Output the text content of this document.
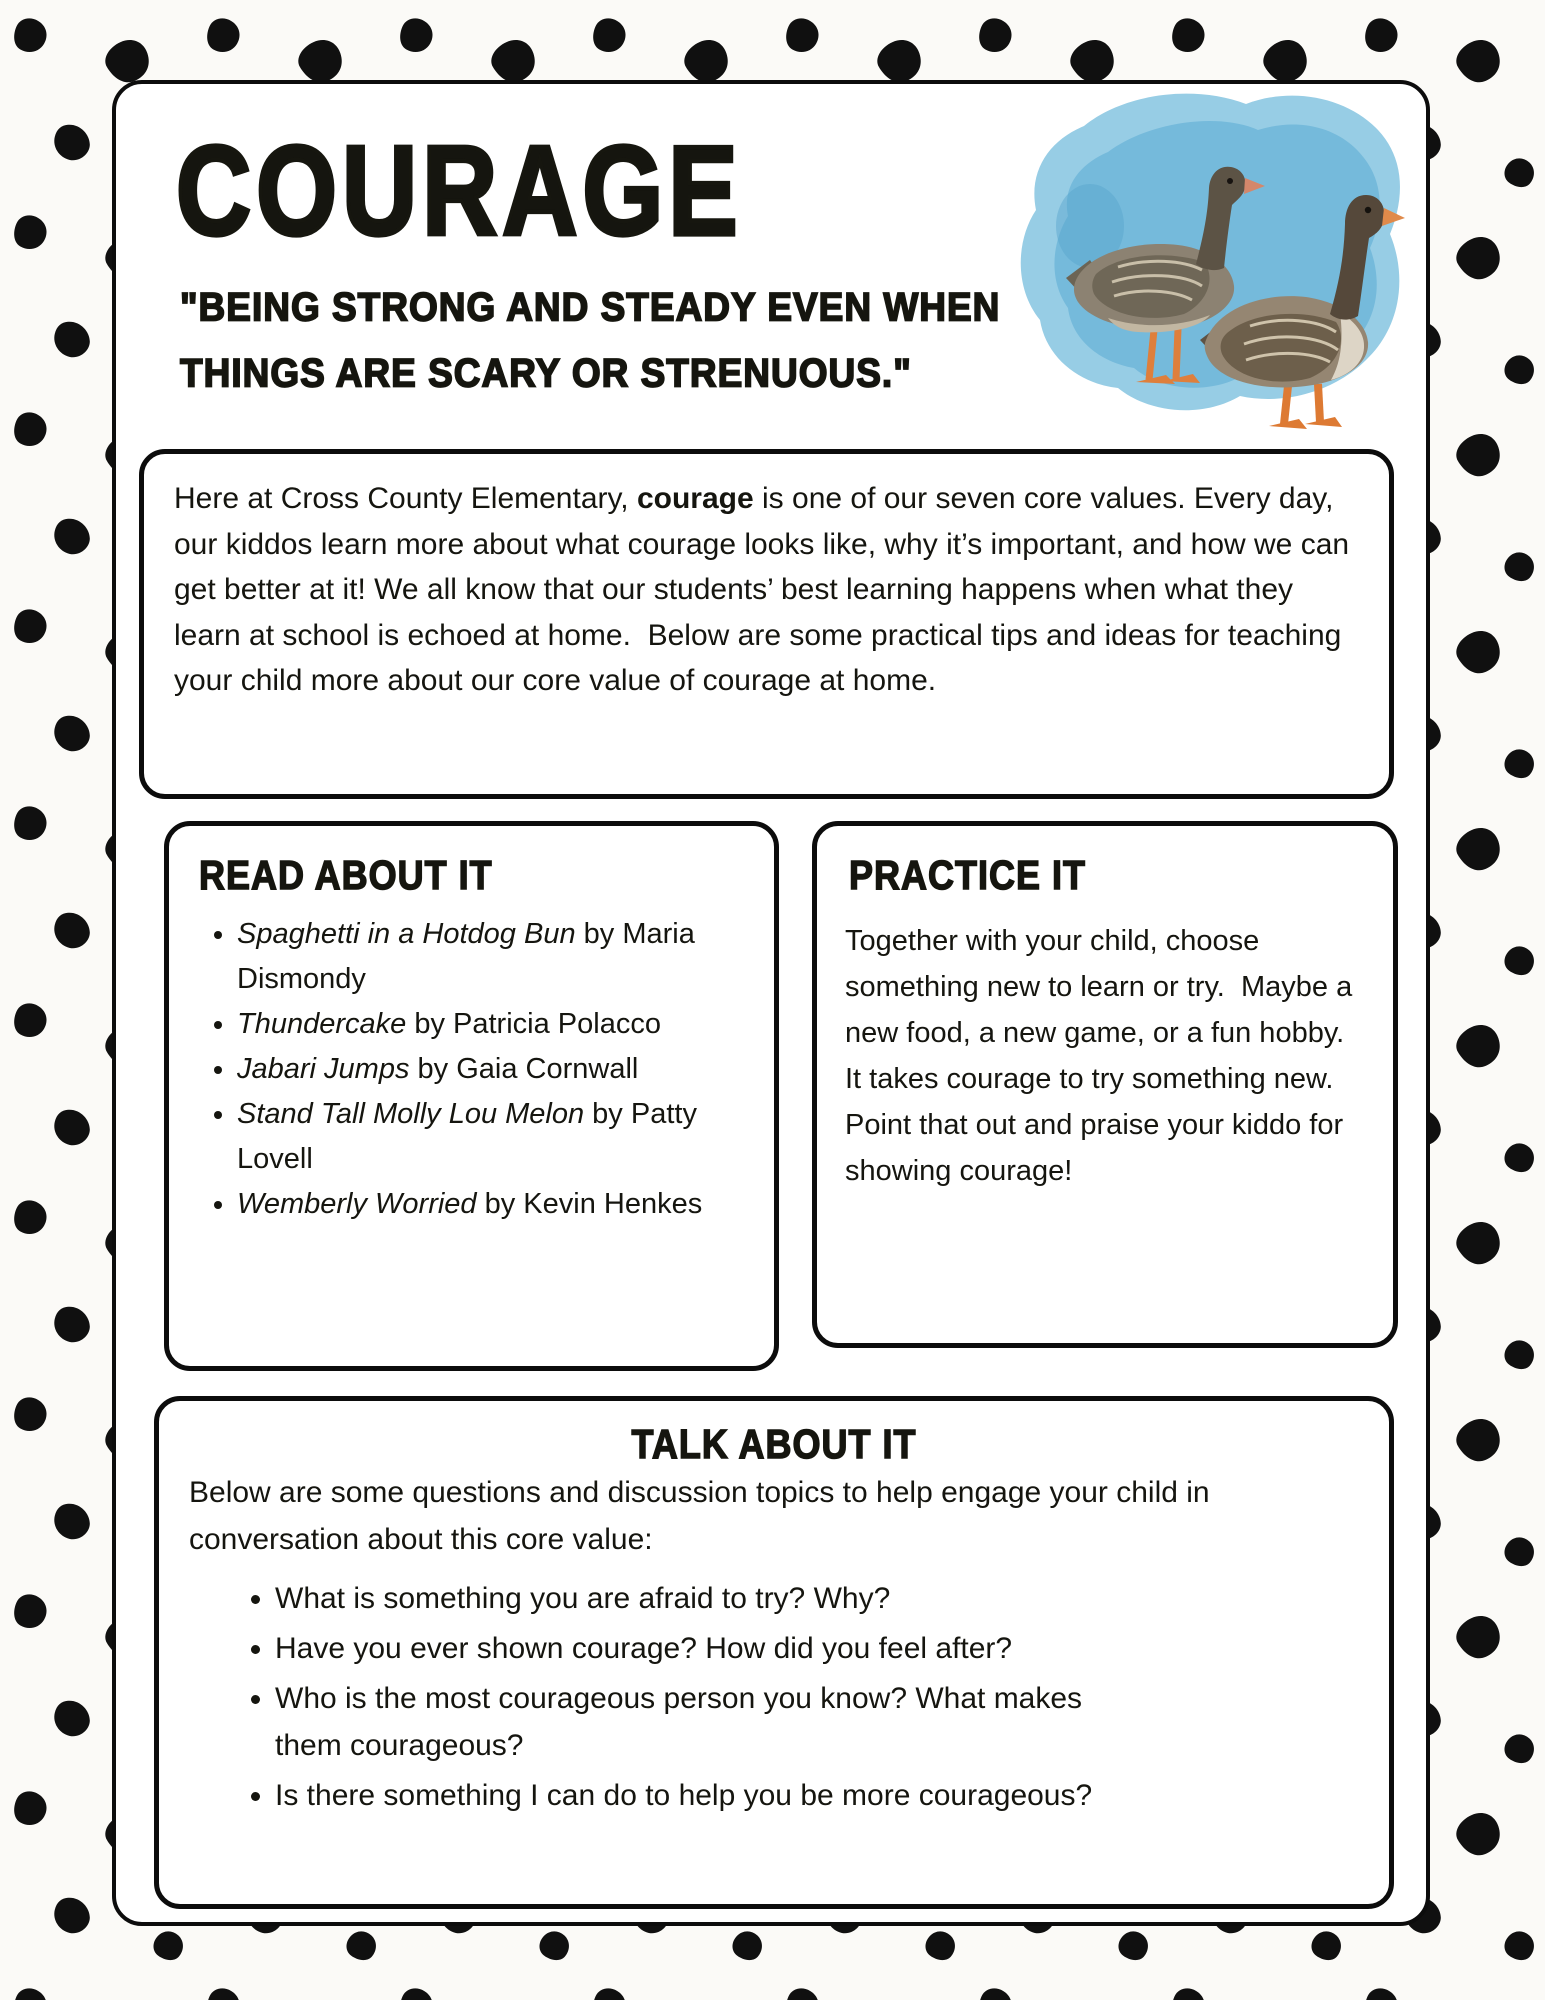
COURAGE
"BEING STRONG AND STEADY EVEN WHEN
THINGS ARE SCARY OR STRENUOUS."

Here at Cross County Elementary, courage is one of our seven core values. Every day, our kiddos learn more about what courage looks like, why it’s important, and how we can get better at it! We all know that our students’ best learning happens when what they learn at school is echoed at home.  Below are some practical tips and ideas for teaching your child more about our core value of courage at home.

READ ABOUT IT
• Spaghetti in a Hotdog Bun by Maria Dismondy
• Thundercake by Patricia Polacco
• Jabari Jumps by Gaia Cornwall
• Stand Tall Molly Lou Melon by Patty Lovell
• Wemberly Worried by Kevin Henkes
PRACTICE IT

Together with your child, choose something new to learn or try.  Maybe a new food, a new game, or a fun hobby.  It takes courage to try something new.  Point that out and praise your kiddo for showing courage!

TALK ABOUT IT

Below are some questions and discussion topics to help engage your child in conversation about this core value:

• What is something you are afraid to try? Why?
• Have you ever shown courage? How did you feel after?
• Who is the most courageous person you know? What makes them courageous?
• Is there something I can do to help you be more courageous?
